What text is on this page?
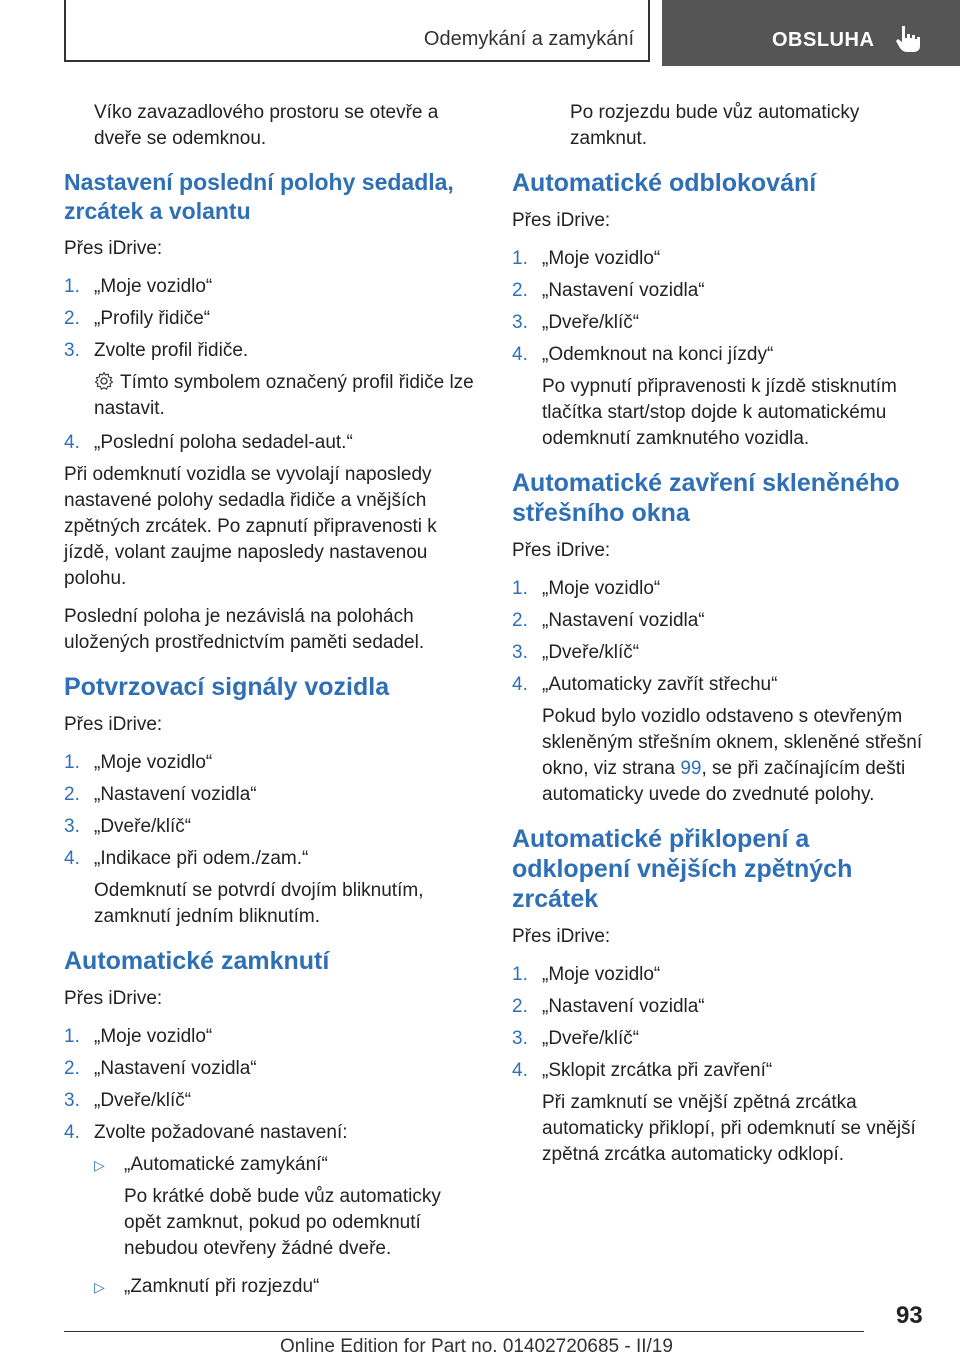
Odemykání a zamykání	OBSLUHA

Víko zavazadlového prostoru se otevře a dveře se odemknou.

Nastavení poslední polohy sedadla, zrcátek a volantu

Přes iDrive:

1. „Moje vozidlo“
2. „Profily řidiče“
3. Zvolte profil řidiče.

Tímto symbolem označený profil řidiče lze nastavit.

4. „Poslední poloha sedadel-aut.“

Při odemknutí vozidla se vyvolají naposledy nastavené polohy sedadla řidiče a vnějších zpětných zrcátek. Po zapnutí připravenosti k jízdě, volant zaujme naposledy nastavenou polohu.

Poslední poloha je nezávislá na polohách uložených prostřednictvím paměti sedadel.

Potvrzovací signály vozidla

Přes iDrive:

1. „Moje vozidlo“
2. „Nastavení vozidla“
3. „Dveře/klíč“
4. „Indikace při odem./zam.“

Odemknutí se potvrdí dvojím bliknutím, zamknutí jedním bliknutím.

Automatické zamknutí

Přes iDrive:

1. „Moje vozidlo“
2. „Nastavení vozidla“
3. „Dveře/klíč“
4. Zvolte požadované nastavení:
▷ „Automatické zamykání“

Po krátké době bude vůz automaticky opět zamknut, pokud po odemknutí nebudou otevřeny žádné dveře.

▷ „Zamknutí při rozjezdu“

Po rozjezdu bude vůz automaticky zamknut.

Automatické odblokování

Přes iDrive:

1. „Moje vozidlo“
2. „Nastavení vozidla“
3. „Dveře/klíč“
4. „Odemknout na konci jízdy“

Po vypnutí připravenosti k jízdě stisknutím tlačítka start/stop dojde k automatickému odemknutí zamknutého vozidla.

Automatické zavření skleněného střešního okna

Přes iDrive:

1. „Moje vozidlo“
2. „Nastavení vozidla“
3. „Dveře/klíč“
4. „Automaticky zavřít střechu“

Pokud bylo vozidlo odstaveno s otevřeným skleněným střešním oknem, skleněné střešní okno, viz strana 99, se při začínajícím dešti automaticky uvede do zvednuté polohy.

Automatické přiklopení a odklopení vnějších zpětných zrcátek

Přes iDrive:

1. „Moje vozidlo“
2. „Nastavení vozidla“
3. „Dveře/klíč“
4. „Sklopit zrcátka při zavření“

Při zamknutí se vnější zpětná zrcátka automaticky přiklopí, při odemknutí se vnější zpětná zrcátka automaticky odklopí.

93
Online Edition for Part no. 01402720685 - II/19
